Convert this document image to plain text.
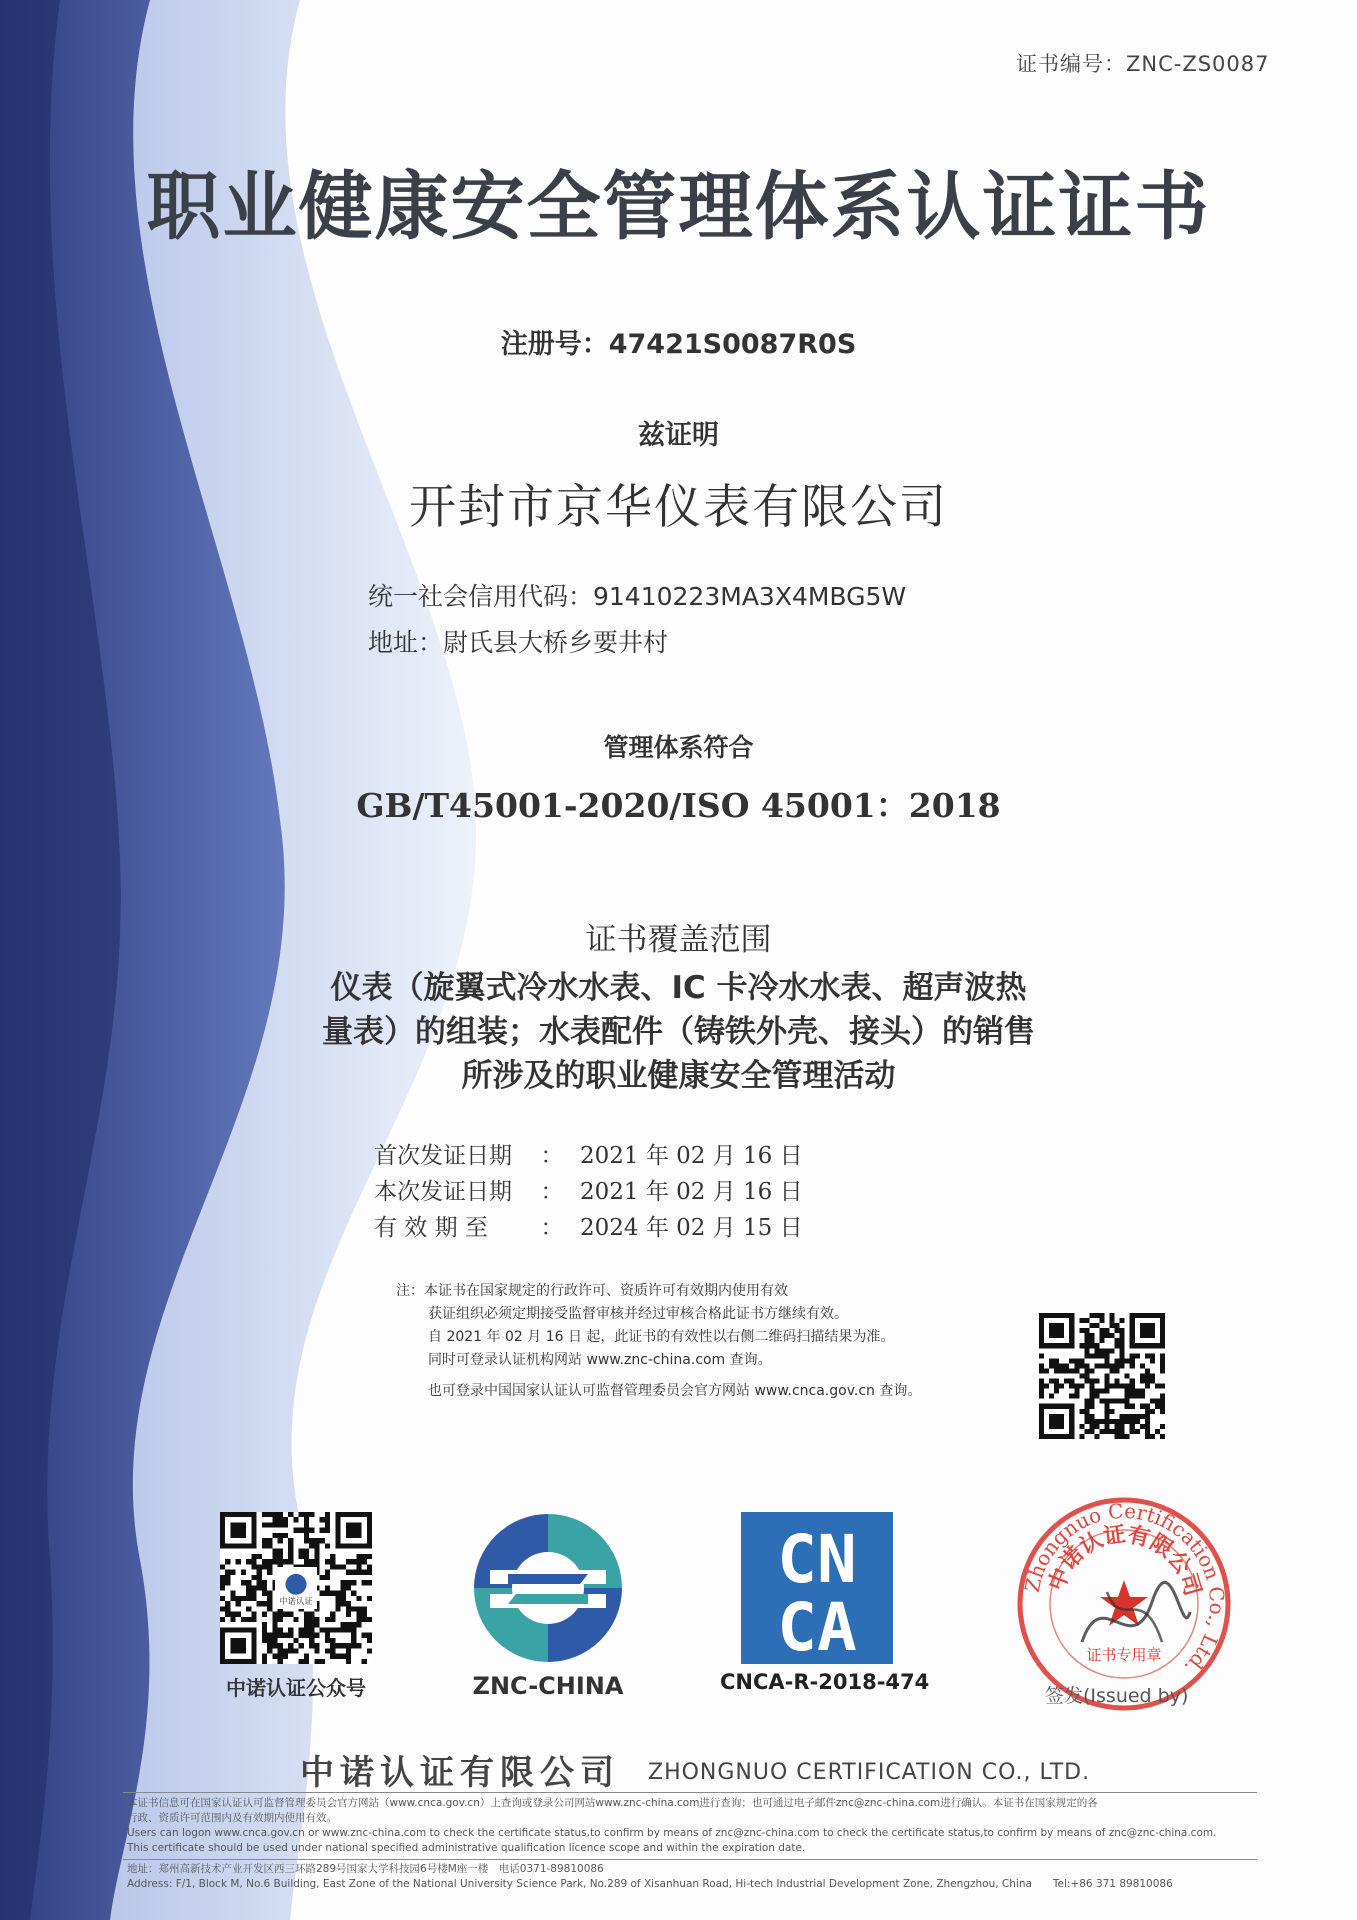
证书编号：ZNC-ZS0087
职业健康安全管理体系认证证书
注册号：47421S0087R0S
兹证明
开封市京华仪表有限公司
统一社会信用代码：91410223MA3X4MBG5W
地址：尉氏县大桥乡要井村
管理体系符合
GB/T45001-2020/ISO 45001：2018
证书覆盖范围
仪表（旋翼式冷水水表、IC 卡冷水水表、超声波热
量表）的组装；水表配件（铸铁外壳、接头）的销售
所涉及的职业健康安全管理活动
首次发证日期 ： 2021 年 02 月 16 日
本次发证日期 ： 2021 年 02 月 16 日
有 效 期 至 ： 2024 年 02 月 15 日
注：本证书在国家规定的行政许可、资质许可有效期内使用有效
获证组织必须定期接受监督审核并经过审核合格此证书方继续有效。
自 2021 年 02 月 16 日 起，此证书的有效性以右侧二维码扫描结果为准。
同时可登录认证机构网站 www.znc-china.com 查询。
也可登录中国国家认证认可监督管理委员会官方网站 www.cnca.gov.cn 查询。
中诺认证
中诺认证公众号	ZNC-CHINA
CN
CA
CNCA-R-2018-474
Zhongnuo Certification Co., Ltd.
中诺认证有限公司
证书专用章
签发(Issued by)
中诺认证有限公司 ZHONGNUO CERTIFICATION CO., LTD.
本证书信息可在国家认证认可监督管理委员会官方网站（www.cnca.gov.cn）上查询或登录公司网站www.znc-china.com进行查询；也可通过电子邮件znc@znc-china.com进行确认。本证书在国家规定的各
行政、资质许可范围内及有效期内使用有效。
Users can logon www.cnca.gov.cn or www.znc-china.com to check the certificate status,to confirm by means of znc@znc-china.com to check the certificate status,to confirm by means of znc@znc-china.com.
This certificate should be used under national specified administrative qualification licence scope and within the expiration date.
地址：郑州高新技术产业开发区西三环路289号国家大学科技园6号楼M座一楼　电话0371-89810086
Address: F/1, Block M, No.6 Building, East Zone of the National University Science Park, No.289 of Xisanhuan Road, Hi-tech Industrial Development Zone, Zhengzhou, China　　Tel:+86 371 89810086
